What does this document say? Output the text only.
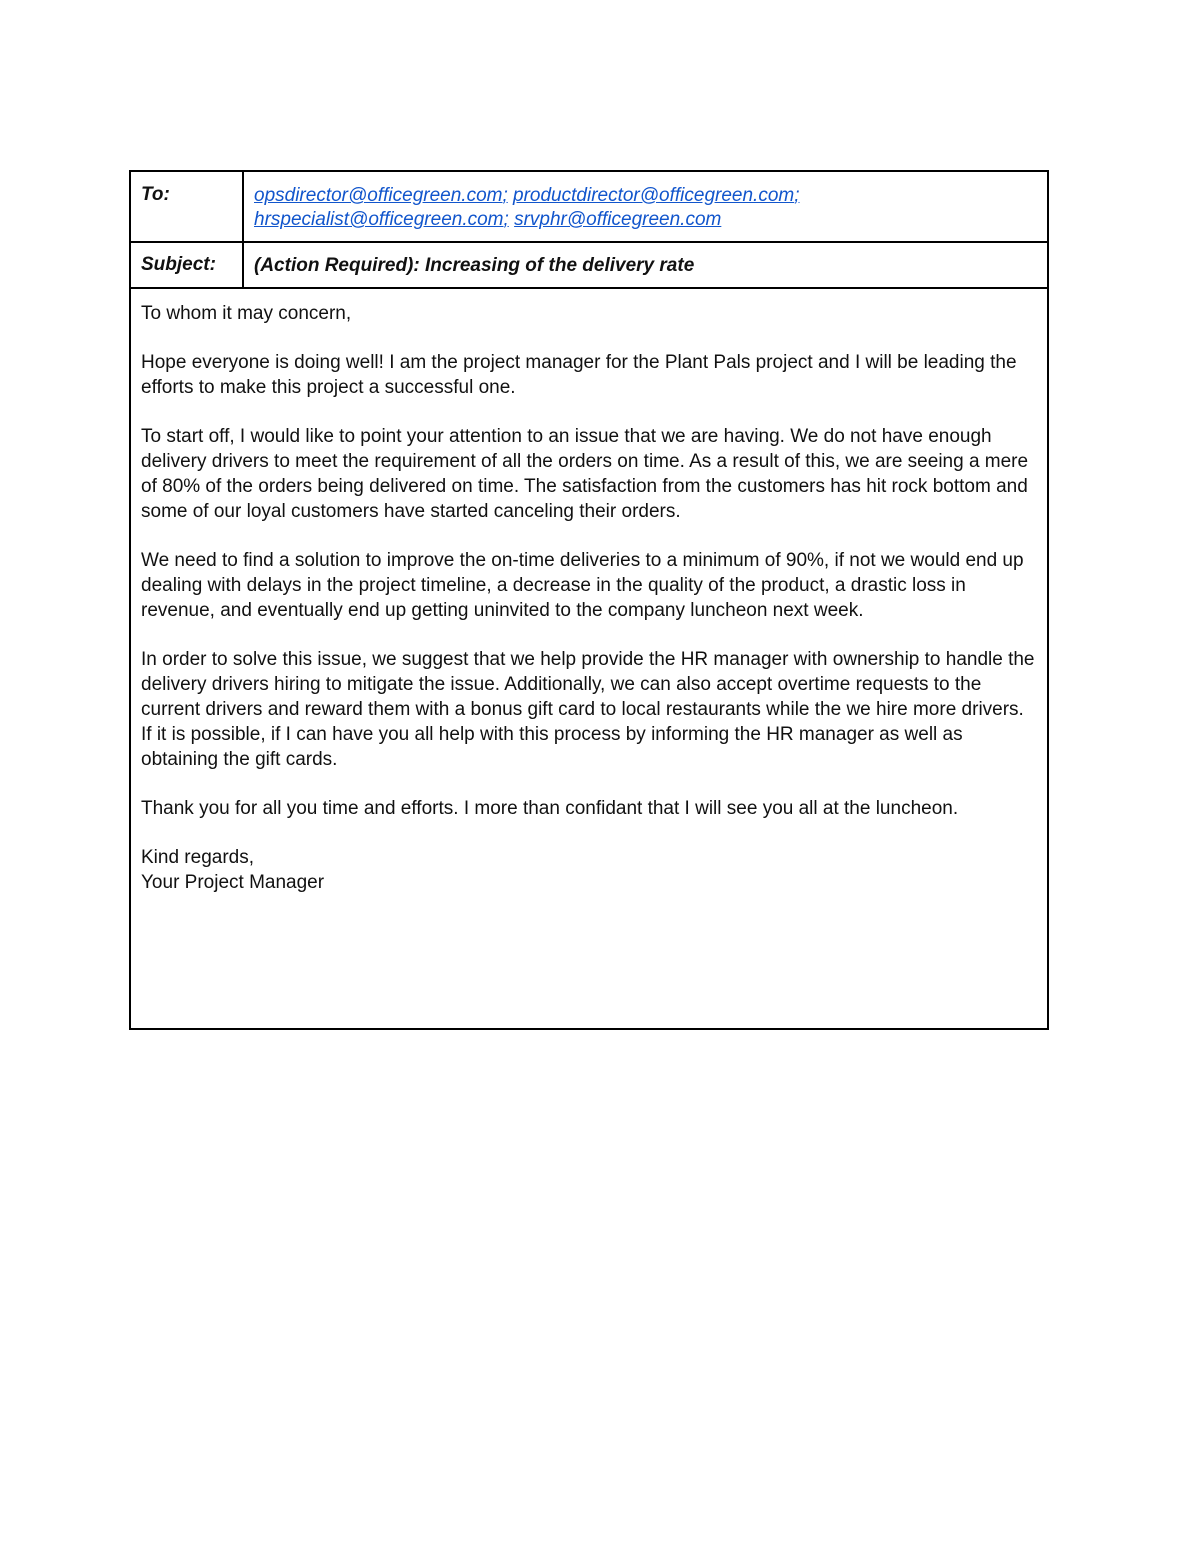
To:	opsdirector@officegreen.com; productdirector@officegreen.com;
hrspecialist@officegreen.com; srvphr@officegreen.com
Subject:	(Action Required): Increasing of the delivery rate

To whom it may concern,

Hope everyone is doing well! I am the project manager for the Plant Pals project and I will be leading the efforts to make this project a successful one.

To start off, I would like to point your attention to an issue that we are having. We do not have enough delivery drivers to meet the requirement of all the orders on time. As a result of this, we are seeing a mere of 80% of the orders being delivered on time. The satisfaction from the customers has hit rock bottom and some of our loyal customers have started canceling their orders.

We need to find a solution to improve the on-time deliveries to a minimum of 90%, if not we would end up dealing with delays in the project timeline, a decrease in the quality of the product, a drastic loss in revenue, and eventually end up getting uninvited to the company luncheon next week.

In order to solve this issue, we suggest that we help provide the HR manager with ownership to handle the delivery drivers hiring to mitigate the issue. Additionally, we can also accept overtime requests to the current drivers and reward them with a bonus gift card to local restaurants while the we hire more drivers. If it is possible, if I can have you all help with this process by informing the HR manager as well as obtaining the gift cards.

Thank you for all you time and efforts. I more than confidant that I will see you all at the luncheon.

Kind regards,

Your Project Manager
